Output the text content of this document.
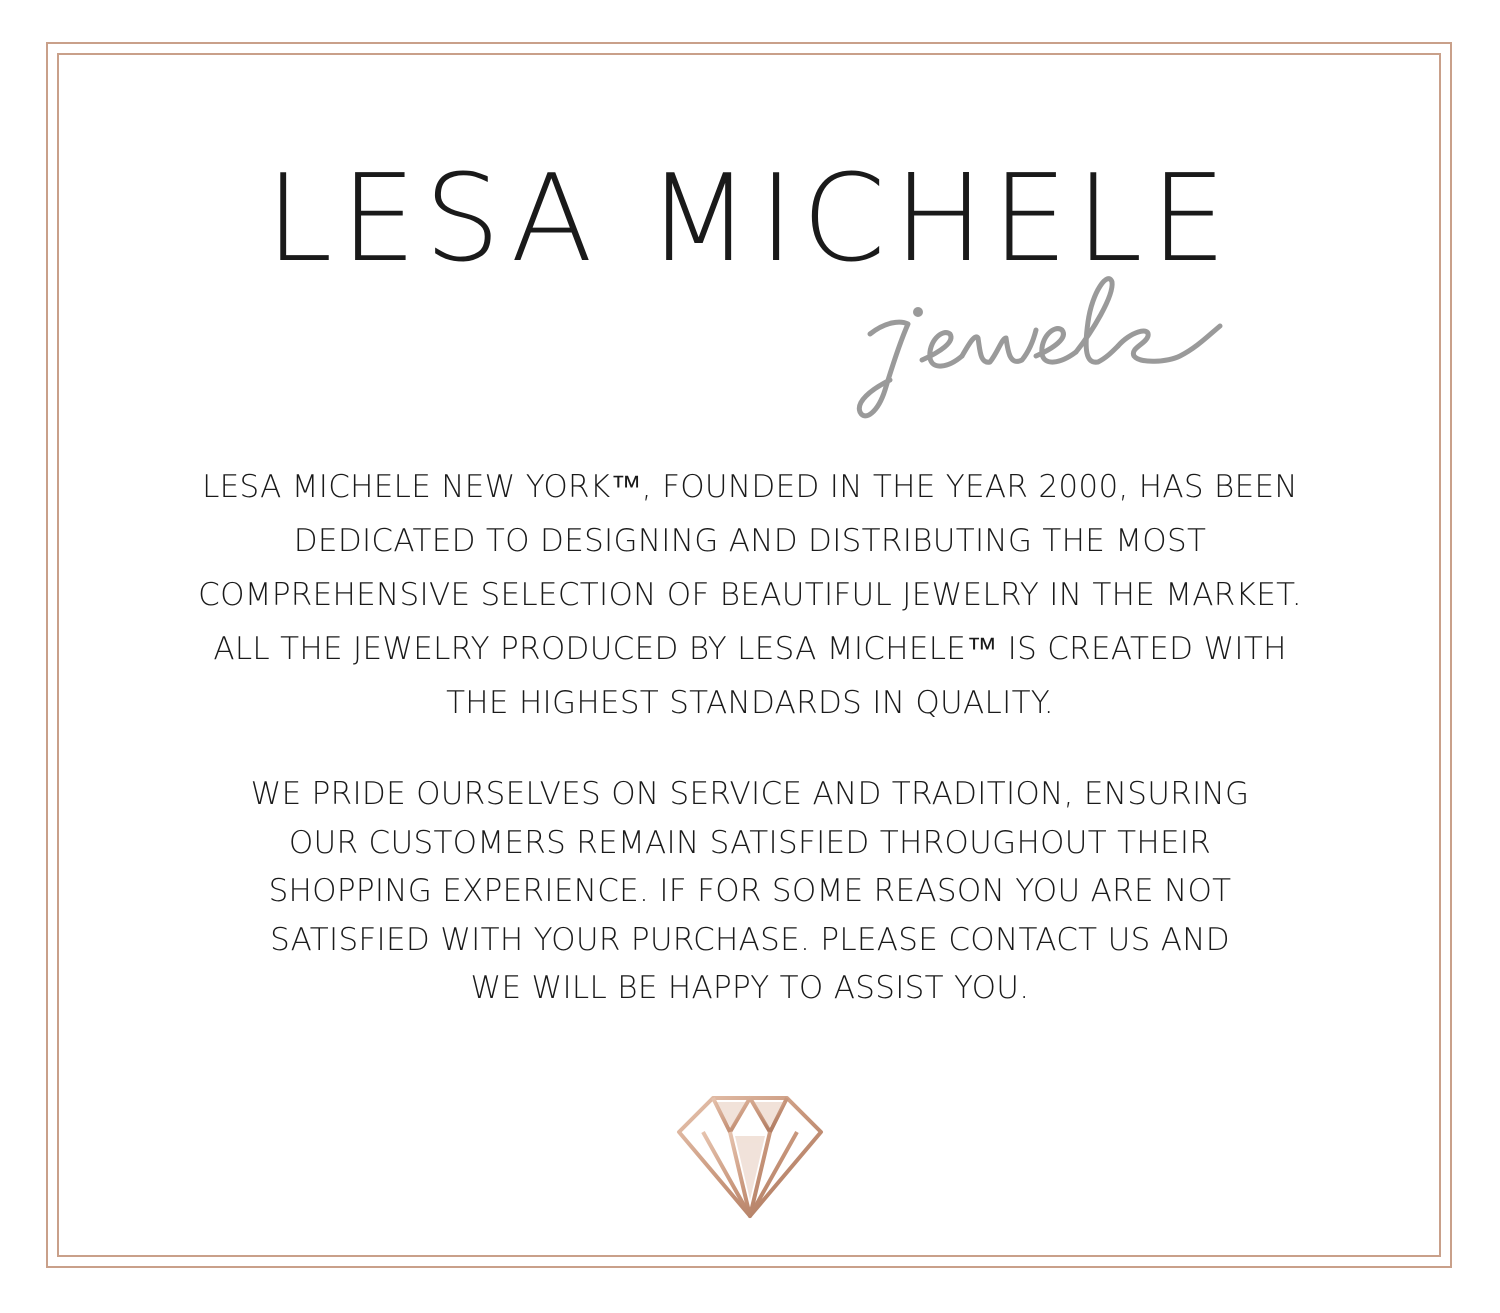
LESA MICHELE
LESA MICHELE NEW YORK™, FOUNDED IN THE YEAR 2000, HAS BEEN
DEDICATED TO DESIGNING AND DISTRIBUTING THE MOST
COMPREHENSIVE SELECTION OF BEAUTIFUL JEWELRY IN THE MARKET.
ALL THE JEWELRY PRODUCED BY LESA MICHELE™ IS CREATED WITH
THE HIGHEST STANDARDS IN QUALITY.
WE PRIDE OURSELVES ON SERVICE AND TRADITION, ENSURING
OUR CUSTOMERS REMAIN SATISFIED THROUGHOUT THEIR
SHOPPING EXPERIENCE. IF FOR SOME REASON YOU ARE NOT
SATISFIED WITH YOUR PURCHASE. PLEASE CONTACT US AND
WE WILL BE HAPPY TO ASSIST YOU.
